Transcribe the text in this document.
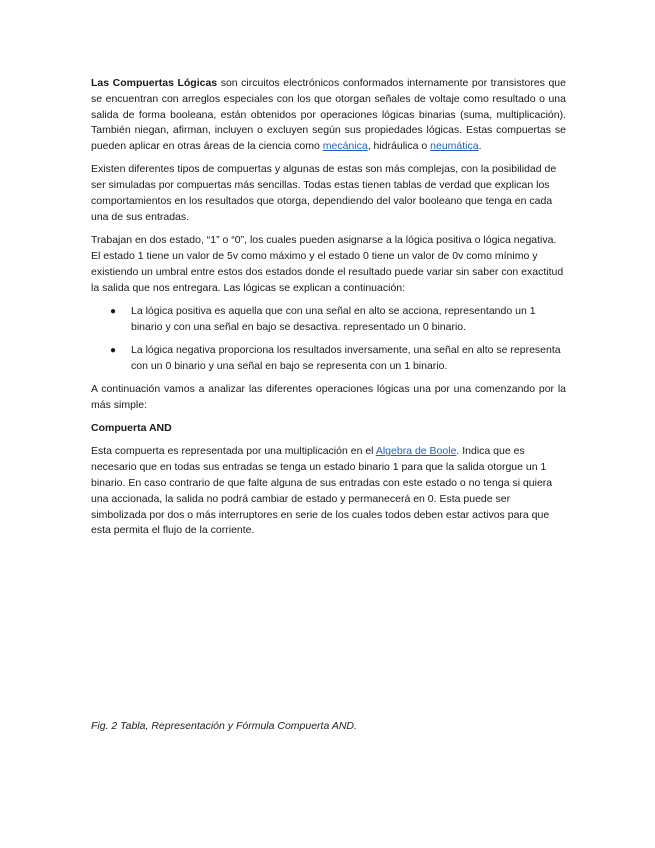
Las Compuertas Lógicas son circuitos electrónicos conformados internamente por transistores que se encuentran con arreglos especiales con los que otorgan señales de voltaje como resultado o una salida de forma booleana, están obtenidos por operaciones lógicas binarias (suma, multiplicación). También niegan, afirman, incluyen o excluyen según sus propiedades lógicas. Estas compuertas se pueden aplicar en otras áreas de la ciencia como mecánica, hidráulica o neumática.

Existen diferentes tipos de compuertas y algunas de estas son más complejas, con la posibilidad de ser simuladas por compuertas más sencillas. Todas estas tienen tablas de verdad que explican los comportamientos en los resultados que otorga, dependiendo del valor booleano que tenga en cada una de sus entradas.

Trabajan en dos estado, “1” o “0”, los cuales pueden asignarse a la lógica positiva o lógica negativa. El estado 1 tiene un valor de 5v como máximo y el estado 0 tiene un valor de 0v como mínimo y existiendo un umbral entre estos dos estados donde el resultado puede variar sin saber con exactitud la salida que nos entregara. Las lógicas se explican a continuación:

● La lógica positiva es aquella que con una señal en alto se acciona, representando un 1 binario y con una señal en bajo se desactiva. representado un 0 binario.
● La lógica negativa proporciona los resultados inversamente, una señal en alto se representa con un 0 binario y una señal en bajo se representa con un 1 binario.

A continuación vamos a analizar las diferentes operaciones lógicas una por una comenzando por la más simple:

Compuerta AND

Esta compuerta es representada por una multiplicación en el Algebra de Boole. Indica que es necesario que en todas sus entradas se tenga un estado binario 1 para que la salida otorgue un 1 binario. En caso contrario de que falte alguna de sus entradas con este estado o no tenga si quiera una accionada, la salida no podrá cambiar de estado y permanecerá en 0. Esta puede ser simbolizada por dos o más interruptores en serie de los cuales todos deben estar activos para que esta permita el flujo de la corriente.

Fig. 2 Tabla, Representación y Fórmula Compuerta AND.
